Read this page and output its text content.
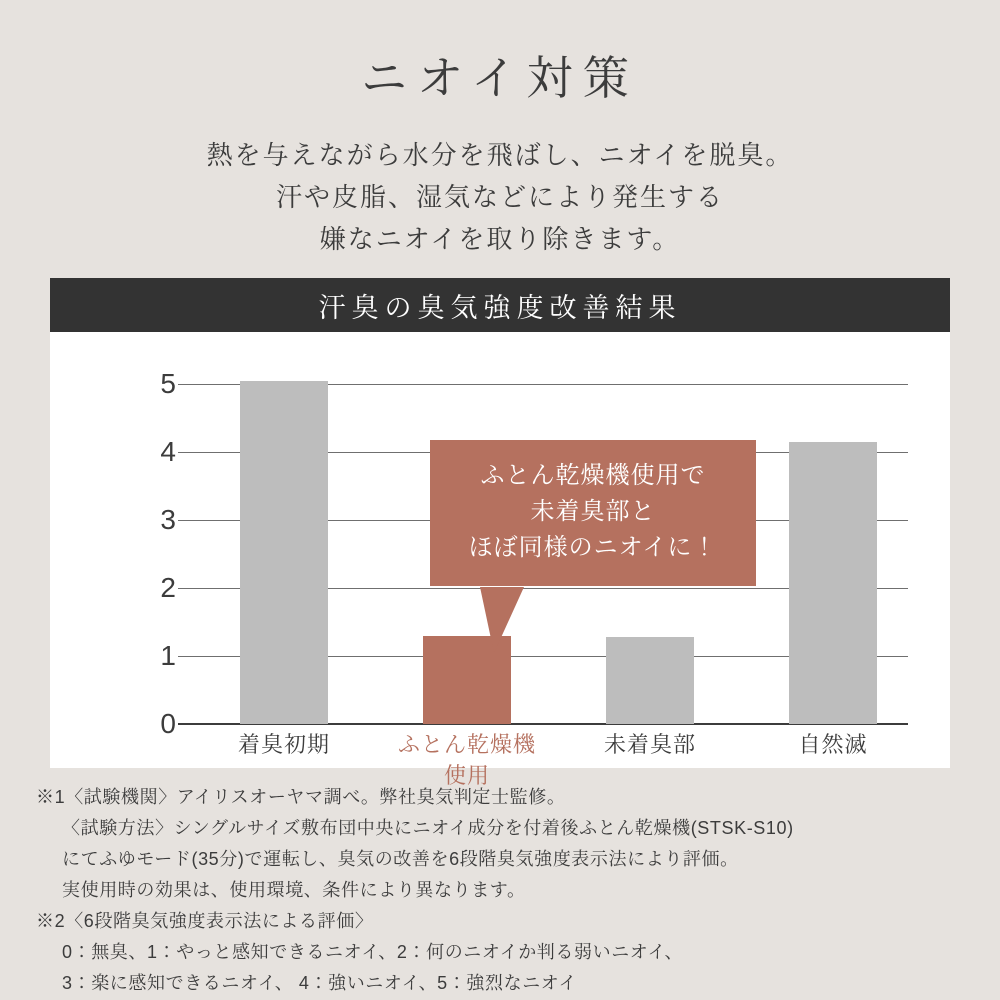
ニオイ対策
熱を与えながら水分を飛ばし、ニオイを脱臭。
汗や皮脂、湿気などにより発生する
嫌なニオイを取り除きます。
汗臭の臭気強度改善結果
5
4
3
2
1
0
着臭初期	ふとん乾燥機
使用
未着臭部	自然滅
ふとん乾燥機使用で
未着臭部と
ほぼ同様のニオイに！
※1〈試験機関〉アイリスオーヤマ調べ。弊社臭気判定士監修。
〈試験方法〉シングルサイズ敷布団中央にニオイ成分を付着後ふとん乾燥機(STSK-S10)
にてふゆモード(35分)で運転し、臭気の改善を6段階臭気強度表示法により評価。
実使用時の効果は、使用環境、条件により異なります。
※2〈6段階臭気強度表示法による評価〉
0：無臭、1：やっと感知できるニオイ、2：何のニオイか判る弱いニオイ、
3：楽に感知できるニオイ、 4：強いニオイ、5：強烈なニオイ
